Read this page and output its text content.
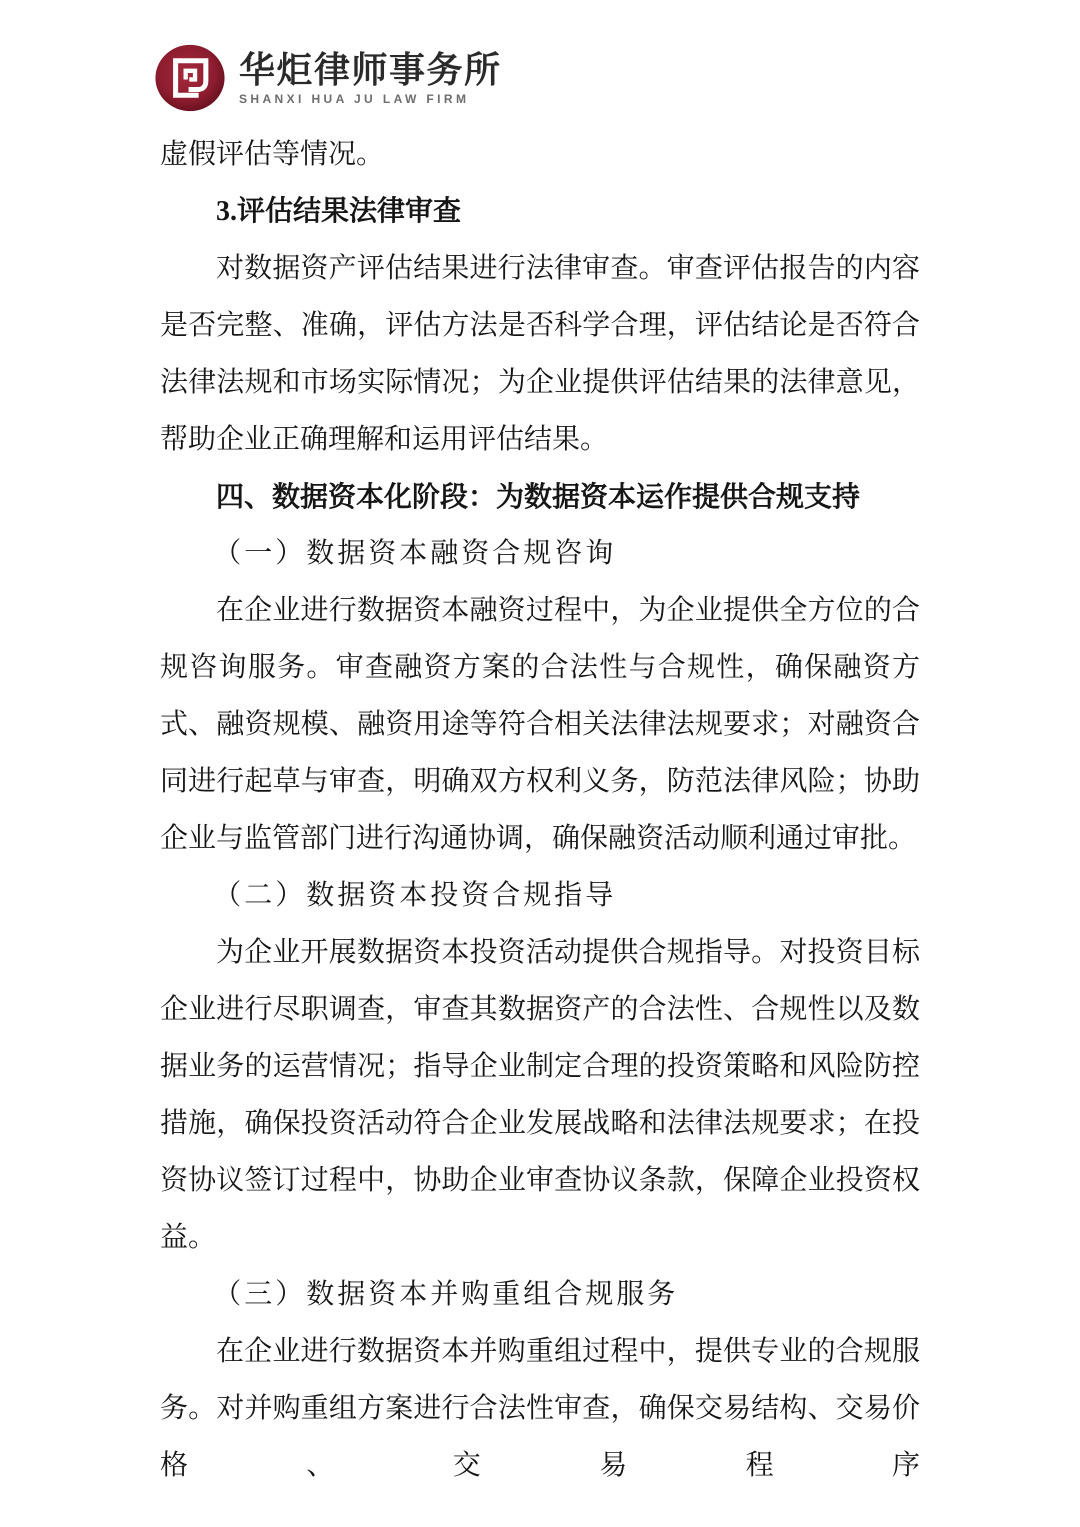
华炬律师事务所
SHANXI HUA JU LAW FIRM

虚假评估等情况。

3.评估结果法律审查

对数据资产评估结果进行法律审查。审查评估报告的内容是否完整、准确，评估方法是否科学合理，评估结论是否符合法律法规和市场实际情况；为企业提供评估结果的法律意见，帮助企业正确理解和运用评估结果。

四、数据资本化阶段：为数据资本运作提供合规支持

（一）数据资本融资合规咨询

在企业进行数据资本融资过程中，为企业提供全方位的合规咨询服务。审查融资方案的合法性与合规性，确保融资方式、融资规模、融资用途等符合相关法律法规要求；对融资合同进行起草与审查，明确双方权利义务，防范法律风险；协助企业与监管部门进行沟通协调，确保融资活动顺利通过审批。

（二）数据资本投资合规指导

为企业开展数据资本投资活动提供合规指导。对投资目标企业进行尽职调查，审查其数据资产的合法性、合规性以及数据业务的运营情况；指导企业制定合理的投资策略和风险防控措施，确保投资活动符合企业发展战略和法律法规要求；在投资协议签订过程中，协助企业审查协议条款，保障企业投资权益。

（三）数据资本并购重组合规服务

在企业进行数据资本并购重组过程中，提供专业的合规服务。对并购重组方案进行合法性审查，确保交易结构、交易价格、交易程序
